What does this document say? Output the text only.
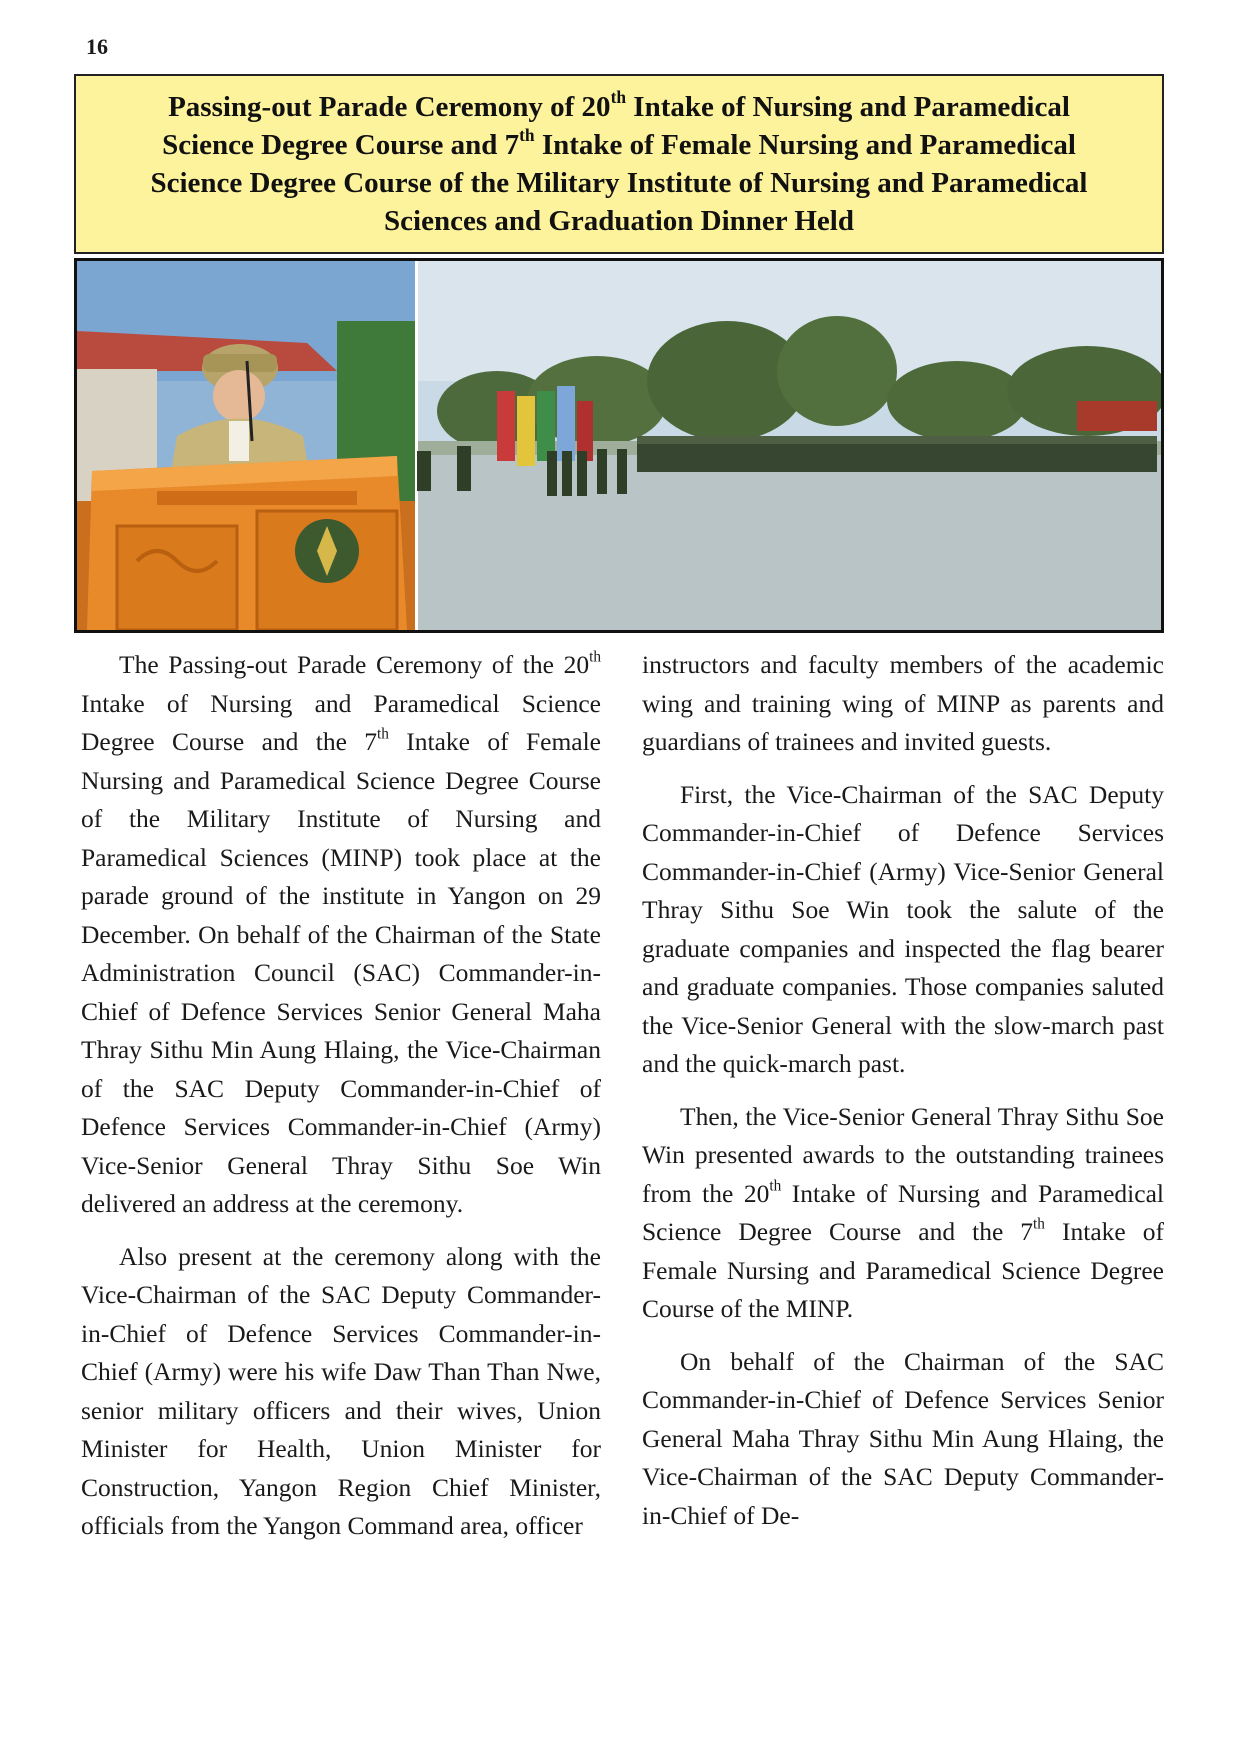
16
Passing-out Parade Ceremony of 20th Intake of Nursing and Paramedical
Science Degree Course and 7th Intake of Female Nursing and Paramedical
Science Degree Course of the Military Institute of Nursing and Paramedical
Sciences and Graduation Dinner Held

The Passing-out Parade Ceremony of the 20th Intake of Nursing and Paramedical Science Degree Course and the 7th Intake of Female Nursing and Paramedical Science Degree Course of the Military Institute of Nursing and Paramedical Sciences (MINP) took place at the parade ground of the institute in Yangon on 29 December. On behalf of the Chairman of the State Administration Council (SAC) Commander-in-Chief of Defence Services Senior General Maha Thray Sithu Min Aung Hlaing, the Vice-Chairman of the SAC Deputy Commander-in-Chief of Defence Services Commander-in-Chief (Army) Vice-Senior General Thray Sithu Soe Win delivered an address at the ceremony.

Also present at the ceremony along with the Vice-Chairman of the SAC Deputy Commander-in-Chief of Defence Services Commander-in-Chief (Army) were his wife Daw Than Than Nwe, senior military officers and their wives, Union Minister for Health, Union Minister for Construction, Yangon Region Chief Minister, officials from the Yangon Command area, officer

instructors and faculty members of the academic wing and training wing of MINP as parents and guardians of trainees and invited guests.

First, the Vice-Chairman of the SAC Deputy Commander-in-Chief of Defence Services Commander-in-Chief (Army) Vice-Senior General Thray Sithu Soe Win took the salute of the graduate companies and inspected the flag bearer and graduate companies. Those companies saluted the Vice-Senior General with the slow-march past and the quick-march past.

Then, the Vice-Senior General Thray Sithu Soe Win presented awards to the outstanding trainees from the 20th Intake of Nursing and Paramedical Science Degree Course and the 7th Intake of Female Nursing and Paramedical Science Degree Course of the MINP.

On behalf of the Chairman of the SAC Commander-in-Chief of Defence Services Senior General Maha Thray Sithu Min Aung Hlaing, the Vice-Chairman of the SAC Deputy Commander-in-Chief of De-
